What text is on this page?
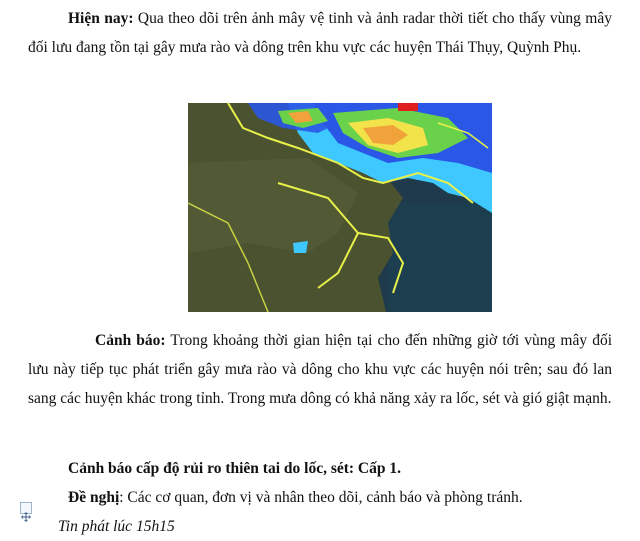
Hiện nay: Qua theo dõi trên ảnh mây vệ tinh và ảnh radar thời tiết cho thấy vùng mây đối lưu đang tồn tại gây mưa rào và dông trên khu vực các huyện Thái Thụy, Quỳnh Phụ.

Cảnh báo: Trong khoảng thời gian hiện tại cho đến những giờ tới vùng mây đối lưu này tiếp tục phát triển gây mưa rào và dông cho khu vực các huyện nói trên; sau đó lan sang các huyện khác trong tỉnh. Trong mưa dông có khả năng xảy ra lốc, sét và gió giật mạnh.

Cảnh báo cấp độ rủi ro thiên tai do lốc, sét: Cấp 1.

Đề nghị: Các cơ quan, đơn vị và nhân theo dõi, cảnh báo và phòng tránh.

Tin phát lúc 15h15
